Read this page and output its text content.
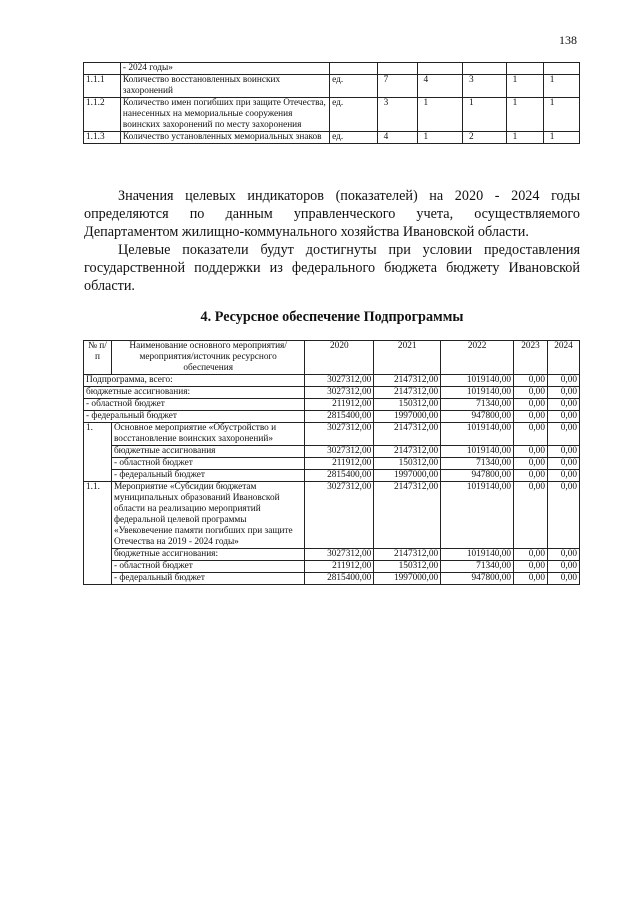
138
	- 2024 годы»						
1.1.1	Количество восстановленных воинских захоронений	ед.	7	4	3	1	1
1.1.2	Количество имен погибших при защите Отечества, нанесенных на мемориальные сооружения воинских захоронений по месту захоронения	ед.	3	1	1	1	1
1.1.3	Количество установленных мемориальных знаков	ед.	4	1	2	1	1
Значения целевых индикаторов (показателей) на 2020 - 2024 годы определяются по данным управленческого учета, осуществляемого Департаментом жилищно-коммунального хозяйства Ивановской области.
Целевые показатели будут достигнуты при условии предоставления государственной поддержки из федерального бюджета бюджету Ивановской области.
4. Ресурсное обеспечение Подпрограммы
№ п/п	Наименование основного мероприятия/мероприятия/источник ресурсного обеспечения	2020	2021	2022	2023	2024
Подпрограмма, всего:		3027312,00	2147312,00	1019140,00	0,00	0,00
бюджетные ассигнования:		3027312,00	2147312,00	1019140,00	0,00	0,00
- областной бюджет		211912,00	150312,00	71340,00	0,00	0,00
- федеральный бюджет		2815400,00	1997000,00	947800,00	0,00	0,00
1.	Основное мероприятие «Обустройство и восстановление воинских захоронений»	3027312,00	2147312,00	1019140,00	0,00	0,00
	бюджетные ассигнования	3027312,00	2147312,00	1019140,00	0,00	0,00
	- областной бюджет	211912,00	150312,00	71340,00	0,00	0,00
	- федеральный бюджет	2815400,00	1997000,00	947800,00	0,00	0,00
1.1.	Мероприятие «Субсидии бюджетам муниципальных образований Ивановской области на реализацию мероприятий федеральной целевой программы «Увековечение памяти погибших при защите Отечества на 2019 - 2024 годы»	3027312,00	2147312,00	1019140,00	0,00	0,00
	бюджетные ассигнования:	3027312,00	2147312,00	1019140,00	0,00	0,00
	- областной бюджет	211912,00	150312,00	71340,00	0,00	0,00
	- федеральный бюджет	2815400,00	1997000,00	947800,00	0,00	0,00
